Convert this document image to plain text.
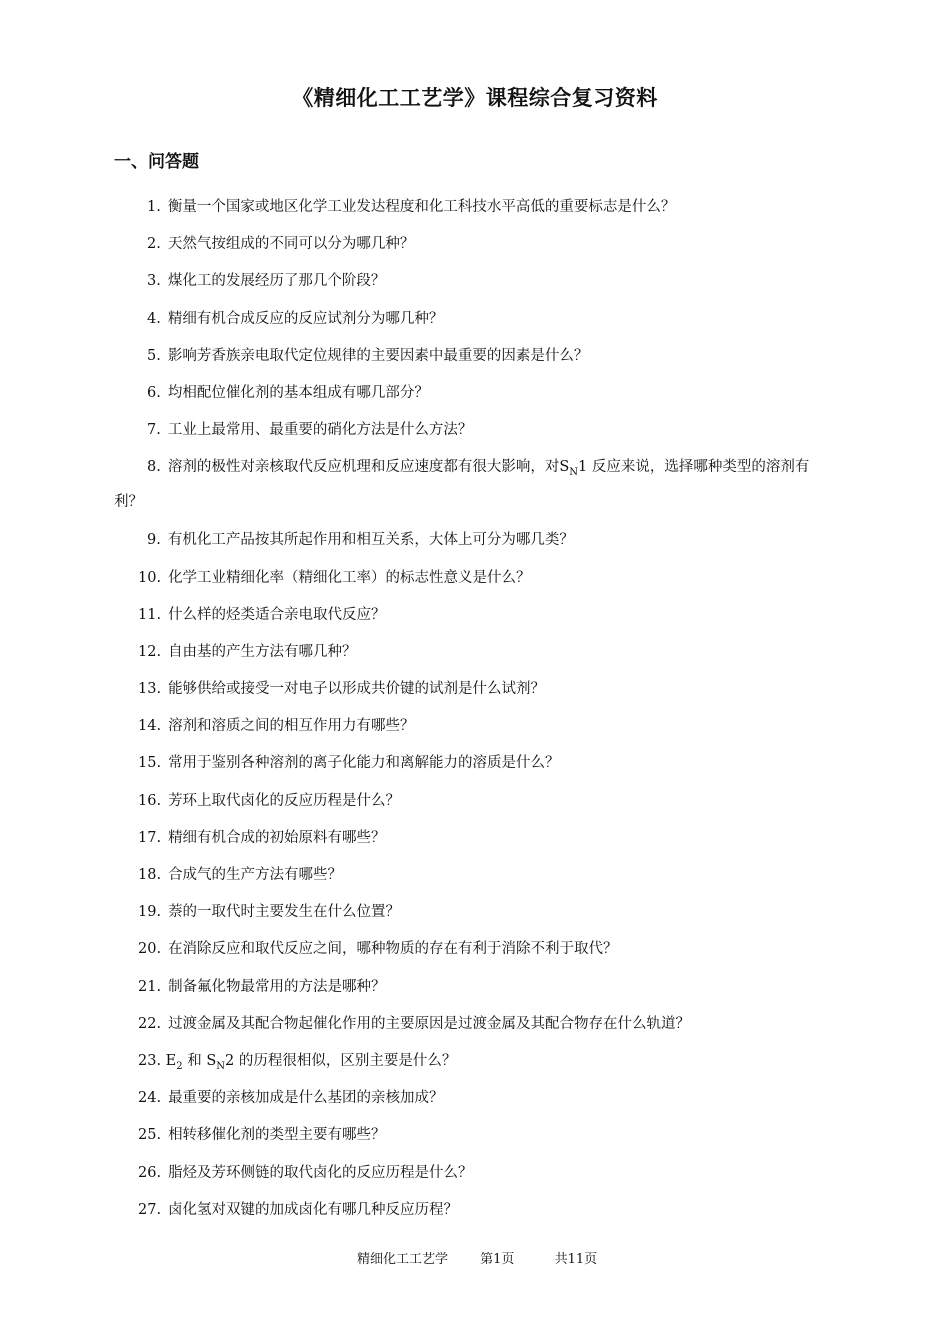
《精细化工工艺学》课程综合复习资料
一、问答题
1. 衡量一个国家或地区化学工业发达程度和化工科技水平高低的重要标志是什么？
2. 天然气按组成的不同可以分为哪几种？
3. 煤化工的发展经历了那几个阶段？
4. 精细有机合成反应的反应试剂分为哪几种？
5. 影响芳香族亲电取代定位规律的主要因素中最重要的因素是什么？
6. 均相配位催化剂的基本组成有哪几部分？
7. 工业上最常用、最重要的硝化方法是什么方法？
8. 溶剂的极性对亲核取代反应机理和反应速度都有很大影响，对$S_N1$ 反应来说，选择哪种类型的溶剂有利？
9. 有机化工产品按其所起作用和相互关系，大体上可分为哪几类？
10. 化学工业精细化率（精细化工率）的标志性意义是什么？
11. 什么样的烃类适合亲电取代反应？
12. 自由基的产生方法有哪几种？
13. 能够供给或接受一对电子以形成共价键的试剂是什么试剂？
14. 溶剂和溶质之间的相互作用力有哪些？
15. 常用于鉴别各种溶剂的离子化能力和离解能力的溶质是什么？
16. 芳环上取代卤化的反应历程是什么？
17. 精细有机合成的初始原料有哪些？
18. 合成气的生产方法有哪些？
19. 萘的一取代时主要发生在什么位置？
20. 在消除反应和取代反应之间，哪种物质的存在有利于消除不利于取代？
21. 制备氟化物最常用的方法是哪种？
22. 过渡金属及其配合物起催化作用的主要原因是过渡金属及其配合物存在什么轨道？
23. $E_2$ 和 $S_N2$ 的历程很相似，区别主要是什么？
24. 最重要的亲核加成是什么基团的亲核加成？
25. 相转移催化剂的类型主要有哪些？
26. 脂烃及芳环侧链的取代卤化的反应历程是什么？
27. 卤化氢对双键的加成卤化有哪几种反应历程？
精细化工工艺学 第1页	共11页
